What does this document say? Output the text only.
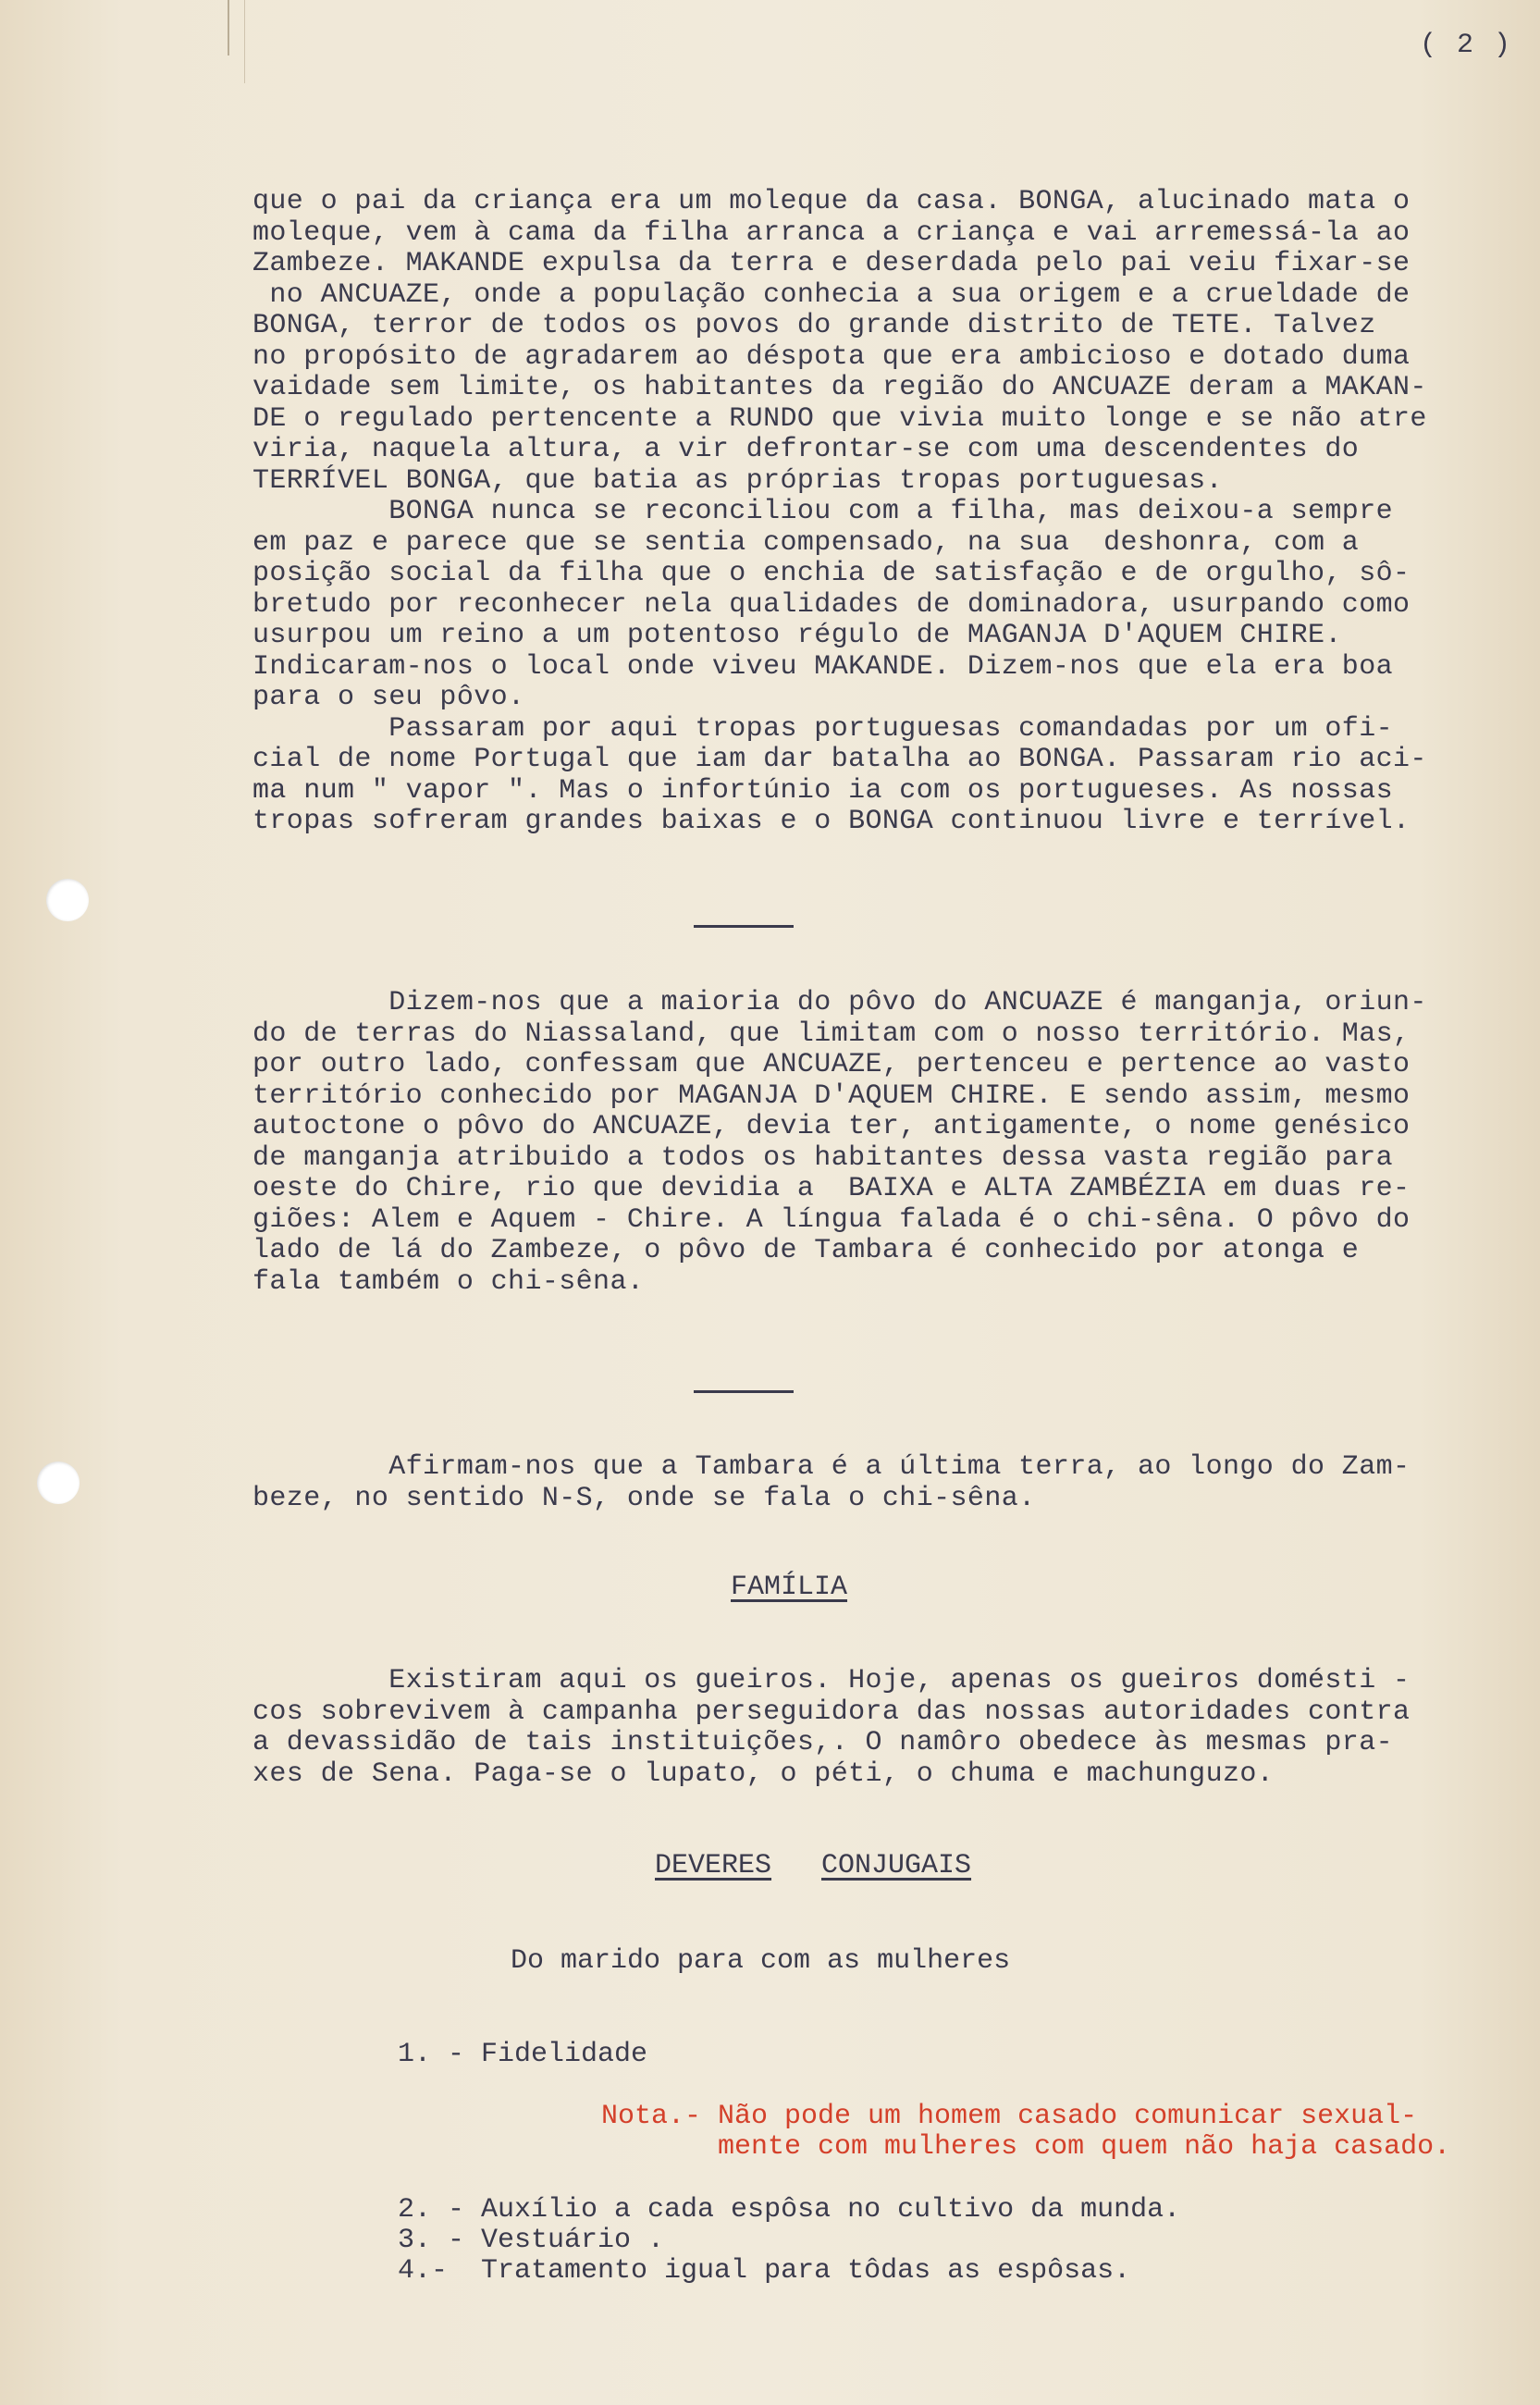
( 2 )
que o pai da criança era um moleque da casa. BONGA, alucinado mata o
moleque, vem à cama da filha arranca a criança e vai arremessá-la ao
Zambeze. MAKANDE expulsa da terra e deserdada pelo pai veiu fixar-se
no ANCUAZE, onde a população conhecia a sua origem e a crueldade de
BONGA, terror de todos os povos do grande distrito de TETE. Talvez
no propósito de agradarem ao déspota que era ambicioso e dotado duma
vaidade sem limite, os habitantes da região do ANCUAZE deram a MAKAN-
DE o regulado pertencente a RUNDO que vivia muito longe e se não atre
viria, naquela altura, a vir defrontar-se com uma descendentes do
TERRÍVEL BONGA, que batia as próprias tropas portuguesas.
BONGA nunca se reconciliou com a filha, mas deixou-a sempre
em paz e parece que se sentia compensado, na sua  deshonra, com a
posição social da filha que o enchia de satisfação e de orgulho, sô-
bretudo por reconhecer nela qualidades de dominadora, usurpando como
usurpou um reino a um potentoso régulo de MAGANJA D'AQUEM CHIRE.
Indicaram-nos o local onde viveu MAKANDE. Dizem-nos que ela era boa
para o seu pôvo.
Passaram por aqui tropas portuguesas comandadas por um ofi-
cial de nome Portugal que iam dar batalha ao BONGA. Passaram rio aci-
ma num " vapor ". Mas o infortúnio ia com os portugueses. As nossas
tropas sofreram grandes baixas e o BONGA continuou livre e terrível.
Dizem-nos que a maioria do pôvo do ANCUAZE é manganja, oriun-
do de terras do Niassaland, que limitam com o nosso território. Mas,
por outro lado, confessam que ANCUAZE, pertenceu e pertence ao vasto
território conhecido por MAGANJA D'AQUEM CHIRE. E sendo assim, mesmo
autoctone o pôvo do ANCUAZE, devia ter, antigamente, o nome genésico
de manganja atribuido a todos os habitantes dessa vasta região para
oeste do Chire, rio que devidia a  BAIXA e ALTA ZAMBÉZIA em duas re-
giões: Alem e Aquem - Chire. A língua falada é o chi-sêna. O pôvo do
lado de lá do Zambeze, o pôvo de Tambara é conhecido por atonga e
fala também o chi-sêna.
Afirmam-nos que a Tambara é a última terra, ao longo do Zam-
beze, no sentido N-S, onde se fala o chi-sêna.
FAMÍLIA
Existiram aqui os gueiros. Hoje, apenas os gueiros domésti -
cos sobrevivem à campanha perseguidora das nossas autoridades contra
a devassidão de tais instituições,. O namôro obedece às mesmas pra-
xes de Sena. Paga-se o lupato, o péti, o chuma e machunguzo.
DEVERES CONJUGAIS
Do marido para com as mulheres
1. - Fidelidade
Nota.- Não pode um homem casado comunicar sexual-
mente com mulheres com quem não haja casado.
2. - Auxílio a cada espôsa no cultivo da munda.
3. - Vestuário .
4.-  Tratamento igual para tôdas as espôsas.
